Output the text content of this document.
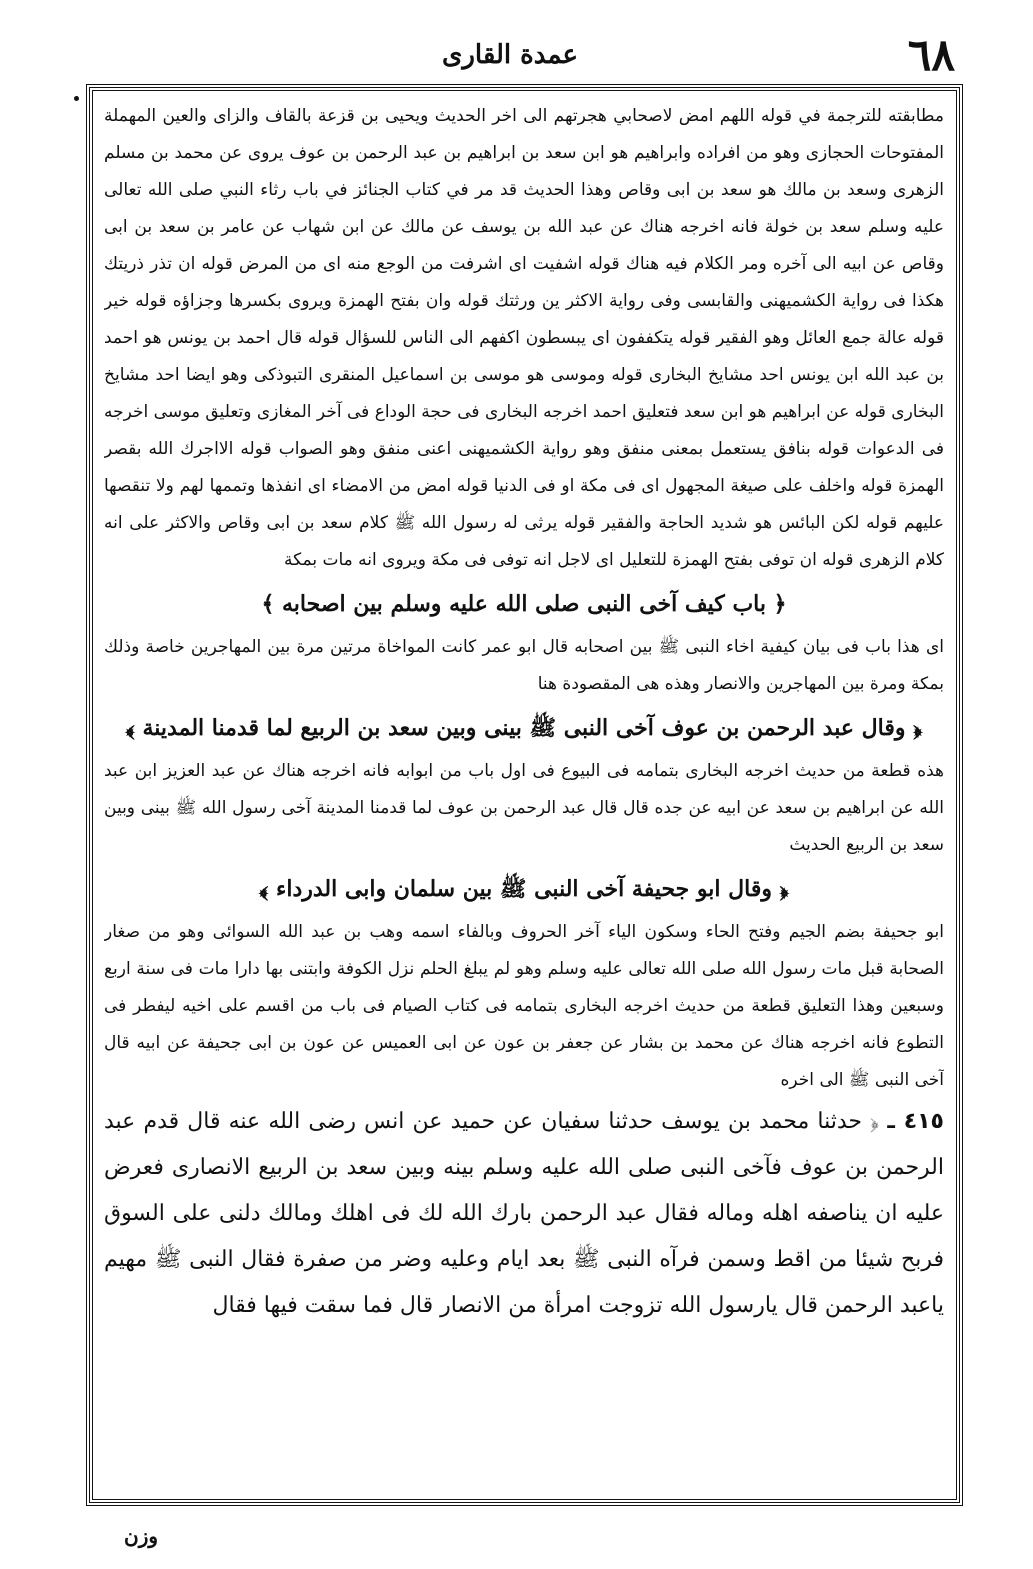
عمدة القارى	٦٨

مطابقته للترجمة في قوله اللهم امض لاصحابي هجرتهم الى اخر الحديث ويحيى بن قزعة بالقاف والزاى والعين المهملة المفتوحات الحجازى وهو من افراده وابراهيم هو ابن سعد بن ابراهيم بن عبد الرحمن بن عوف يروى عن محمد بن مسلم الزهرى وسعد بن مالك هو سعد بن ابى وقاص وهذا الحديث قد مر في كتاب الجنائز في باب رثاء النبي صلى الله تعالى عليه وسلم سعد بن خولة فانه اخرجه هناك عن عبد الله بن يوسف عن مالك عن ابن شهاب عن عامر بن سعد بن ابى وقاص عن ابيه الى آخره ومر الكلام فيه هناك قوله اشفيت اى اشرفت من الوجع منه اى من المرض قوله ان تذر ذريتك هكذا فى رواية الكشميهنى والقابسى وفى رواية الاكثر ين ورثتك قوله وان بفتح الهمزة ويروى بكسرها وجزاؤه قوله خير قوله عالة جمع العائل وهو الفقير قوله يتكففون اى يبسطون اكفهم الى الناس للسؤال قوله قال احمد بن يونس هو احمد بن عبد الله ابن يونس احد مشايخ البخارى قوله وموسى هو موسى بن اسماعيل المنقرى التبوذكى وهو ايضا احد مشايخ البخارى قوله عن ابراهيم هو ابن سعد فتعليق احمد اخرجه البخارى فى حجة الوداع فى آخر المغازى وتعليق موسى اخرجه فى الدعوات قوله بنافق يستعمل بمعنى منفق وهو رواية الكشميهنى اعنى منفق وهو الصواب قوله الااجرك الله بقصر الهمزة قوله واخلف على صيغة المجهول اى فى مكة او فى الدنيا قوله امض من الامضاء اى انفذها وتممها لهم ولا تنقصها عليهم قوله لكن البائس هو شديد الحاجة والفقير قوله يرثى له رسول الله ﷺ كلام سعد بن ابى وقاص والاكثر على انه كلام الزهرى قوله ان توفى بفتح الهمزة للتعليل اى لاجل انه توفى فى مكة ويروى انه مات بمكة

﴿ باب كيف آخى النبى صلى الله عليه وسلم بين اصحابه ﴾

اى هذا باب فى بيان كيفية اخاء النبى ﷺ بين اصحابه قال ابو عمر كانت المواخاة مرتين مرة بين المهاجرين خاصة وذلك بمكة ومرة بين المهاجرين والانصار وهذه هى المقصودة هنا

﴿ وقال عبد الرحمن بن عوف آخى النبى ﷺ بينى وبين سعد بن الربيع لما قدمنا المدينة ﴾

هذه قطعة من حديث اخرجه البخارى بتمامه فى البيوع فى اول باب من ابوابه فانه اخرجه هناك عن عبد العزيز ابن عبد الله عن ابراهيم بن سعد عن ابيه عن جده قال قال عبد الرحمن بن عوف لما قدمنا المدينة آخى رسول الله ﷺ بينى وبين سعد بن الربيع الحديث

﴿ وقال ابو جحيفة آخى النبى ﷺ بين سلمان وابى الدرداء ﴾

ابو جحيفة بضم الجيم وفتح الحاء وسكون الياء آخر الحروف وبالفاء اسمه وهب بن عبد الله السوائى وهو من صغار الصحابة قبل مات رسول الله صلى الله تعالى عليه وسلم وهو لم يبلغ الحلم نزل الكوفة وابتنى بها دارا مات فى سنة اربع وسبعين وهذا التعليق قطعة من حديث اخرجه البخارى بتمامه فى كتاب الصيام فى باب من اقسم على اخيه ليفطر فى التطوع فانه اخرجه هناك عن محمد بن بشار عن جعفر بن عون عن ابى العميس عن عون بن ابى جحيفة عن ابيه قال آخى النبى ﷺ الى اخره

٤١٥ ـ ﴿ حدثنا محمد بن يوسف حدثنا سفيان عن حميد عن انس رضى الله عنه قال قدم عبد الرحمن بن عوف فآخى النبى صلى الله عليه وسلم بينه وبين سعد بن الربيع الانصارى فعرض عليه ان يناصفه اهله وماله فقال عبد الرحمن بارك الله لك فى اهلك ومالك دلنى على السوق فربح شيئا من اقط وسمن فرآه النبى ﷺ بعد ايام وعليه وضر من صفرة فقال النبى ﷺ مهيم ياعبد الرحمن قال يارسول الله تزوجت امرأة من الانصار قال فما سقت فيها فقال

وزن
